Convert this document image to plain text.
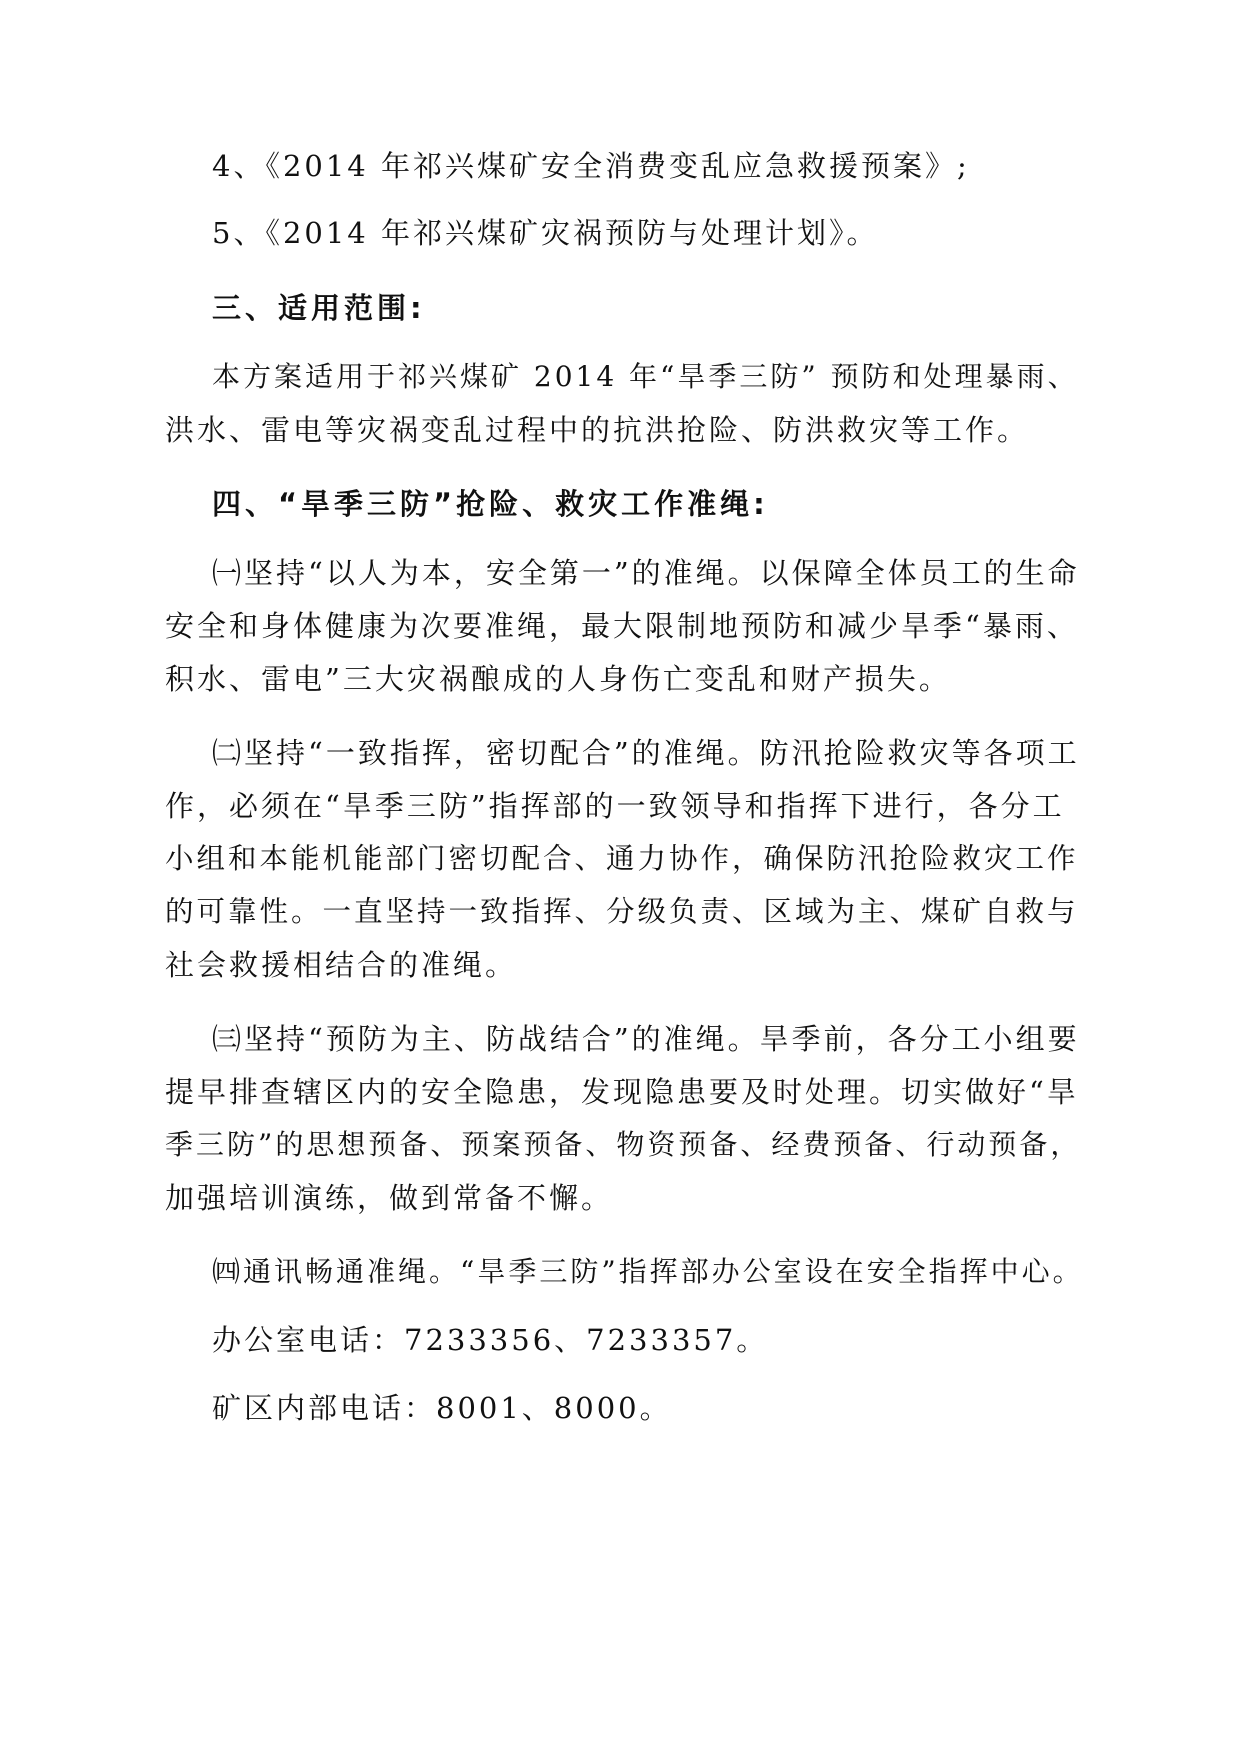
4、《2014 年祁兴煤矿安全消费变乱应急救援预案》;
5、《2014 年祁兴煤矿灾祸预防与处理计划》。
三、适用范围:
本方案适用于祁兴煤矿 2014 年“旱季三防” 预防和处理暴雨、
洪水、雷电等灾祸变乱过程中的抗洪抢险、防洪救灾等工作。
四、“旱季三防”抢险、救灾工作准绳:
㈠坚持“以人为本，安全第一”的准绳。以保障全体员工的生命
安全和身体健康为次要准绳，最大限制地预防和减少旱季“暴雨、
积水、雷电”三大灾祸酿成的人身伤亡变乱和财产损失。
㈡坚持“一致指挥，密切配合”的准绳。防汛抢险救灾等各项工
作，必须在“旱季三防”指挥部的一致领导和指挥下进行，各分工
小组和本能机能部门密切配合、通力协作，确保防汛抢险救灾工作
的可靠性。一直坚持一致指挥、分级负责、区域为主、煤矿自救与
社会救援相结合的准绳。
㈢坚持“预防为主、防战结合”的准绳。旱季前，各分工小组要
提早排查辖区内的安全隐患，发现隐患要及时处理。切实做好“旱
季三防”的思想预备、预案预备、物资预备、经费预备、行动预备，
加强培训演练，做到常备不懈。
㈣通讯畅通准绳。“旱季三防”指挥部办公室设在安全指挥中心。
办公室电话：7233356、7233357。
矿区内部电话：8001、8000。
